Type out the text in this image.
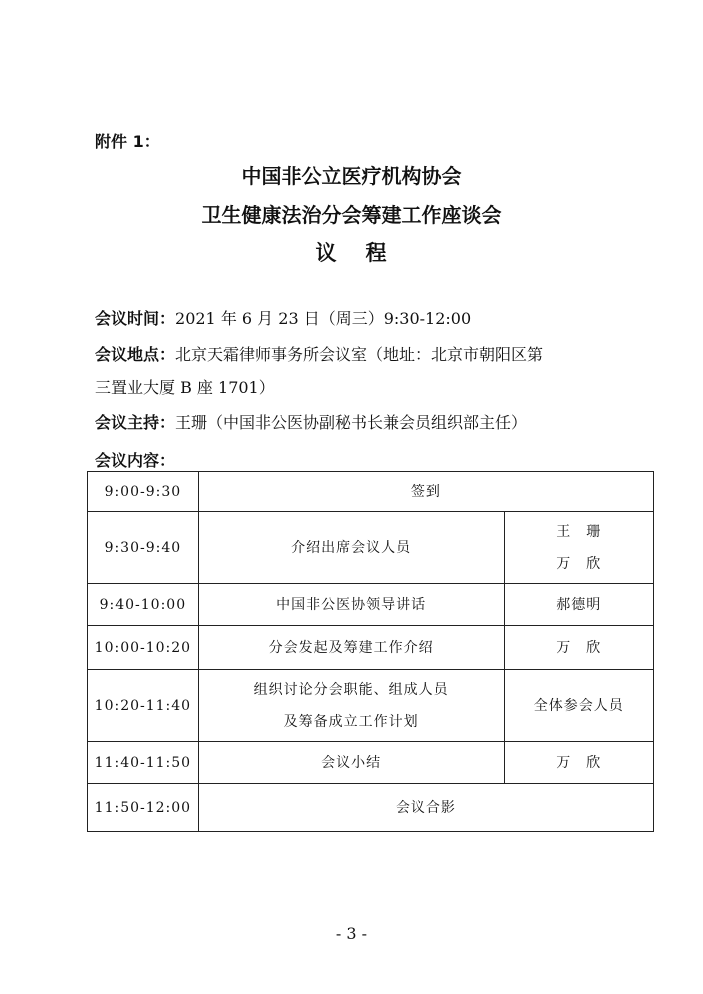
附件 1：
中国非公立医疗机构协会
卫生健康法治分会筹建工作座谈会
议 程
会议时间：2021 年 6 月 23 日（周三）9:30-12:00
会议地点：北京天霜律师事务所会议室（地址：北京市朝阳区第
三置业大厦 B 座 1701）
会议主持：王珊（中国非公医协副秘书长兼会员组织部主任）
会议内容：
9:00-9:30	签到	

9:30-9:40	介绍出席会议人员	王　珊
万　欣

9:40-10:00	中国非公医协领导讲话	郝德明

10:00-10:20	分会发起及筹建工作介绍	万　欣

10:20-11:40	组织讨论分会职能、组成人员
及筹备成立工作计划	全体参会人员

11:40-11:50	会议小结	万　欣

11:50-12:00	会议合影	
- 3 -
